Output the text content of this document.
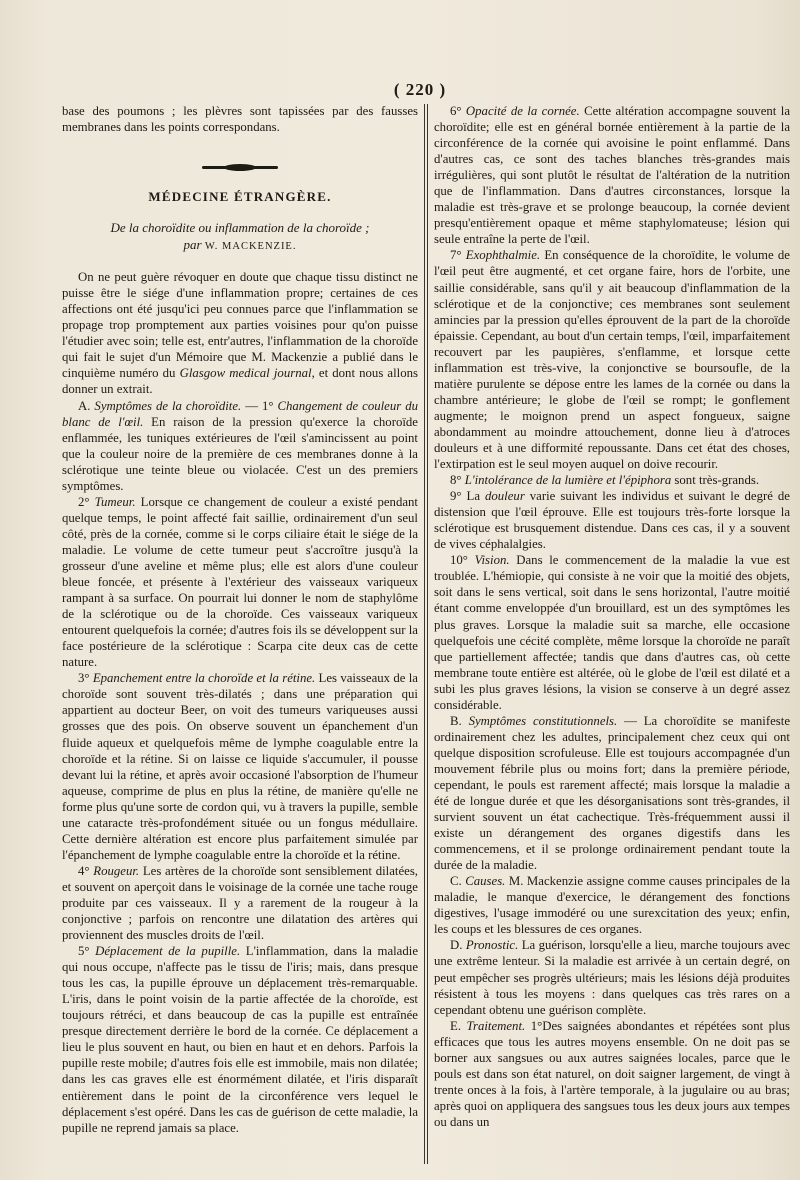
( 220 )

base des poumons ; les plèvres sont tapissées par des fausses membranes dans les points correspondans.

MÉDECINE ÉTRANGÈRE.
De la choroïdite ou inflammation de la choroïde ;
par W. MACKENZIE.

On ne peut guère révoquer en doute que chaque tissu distinct ne puisse être le siége d'une inflammation propre; certaines de ces affections ont été jusqu'ici peu connues parce que l'inflammation se propage trop promptement aux parties voisines pour qu'on puisse l'étudier avec soin; telle est, entr'autres, l'inflammation de la choroïde qui fait le sujet d'un Mémoire que M. Mackenzie a publié dans le cinquième numéro du Glasgow medical journal, et dont nous allons donner un extrait.

A. Symptômes de la choroïdite. — 1° Changement de couleur du blanc de l'œil. En raison de la pression qu'exerce la choroïde enflammée, les tuniques extérieures de l'œil s'amincissent au point que la couleur noire de la première de ces membranes donne à la sclérotique une teinte bleue ou violacée. C'est un des premiers symptômes.

2° Tumeur. Lorsque ce changement de couleur a existé pendant quelque temps, le point affecté fait saillie, ordinairement d'un seul côté, près de la cornée, comme si le corps ciliaire était le siége de la maladie. Le volume de cette tumeur peut s'accroître jusqu'à la grosseur d'une aveline et même plus; elle est alors d'une couleur bleue foncée, et présente à l'extérieur des vaisseaux variqueux rampant à sa surface. On pourrait lui donner le nom de staphylôme de la sclérotique ou de la choroïde. Ces vaisseaux variqueux entourent quelquefois la cornée; d'autres fois ils se développent sur la face postérieure de la sclérotique : Scarpa cite deux cas de cette nature.

3° Epanchement entre la choroïde et la rétine. Les vaisseaux de la choroïde sont souvent très-dilatés ; dans une préparation qui appartient au docteur Beer, on voit des tumeurs variqueuses aussi grosses que des pois. On observe souvent un épanchement d'un fluide aqueux et quelquefois même de lymphe coagulable entre la choroïde et la rétine. Si on laisse ce liquide s'accumuler, il pousse devant lui la rétine, et après avoir occasioné l'absorption de l'humeur aqueuse, comprime de plus en plus la rétine, de manière qu'elle ne forme plus qu'une sorte de cordon qui, vu à travers la pupille, semble une cataracte très-profondément située ou un fongus médullaire. Cette dernière altération est encore plus parfaitement simulée par l'épanchement de lymphe coagulable entre la choroïde et la rétine.

4° Rougeur. Les artères de la choroïde sont sensiblement dilatées, et souvent on aperçoit dans le voisinage de la cornée une tache rouge produite par ces vaisseaux. Il y a rarement de la rougeur à la conjonctive ; parfois on rencontre une dilatation des artères qui proviennent des muscles droits de l'œil.

5° Déplacement de la pupille. L'inflammation, dans la maladie qui nous occupe, n'affecte pas le tissu de l'iris; mais, dans presque tous les cas, la pupille éprouve un déplacement très-remarquable. L'iris, dans le point voisin de la partie affectée de la choroïde, est toujours rétréci, et dans beaucoup de cas la pupille est entraînée presque directement derrière le bord de la cornée. Ce déplacement a lieu le plus souvent en haut, ou bien en haut et en dehors. Parfois la pupille reste mobile; d'autres fois elle est immobile, mais non dilatée; dans les cas graves elle est énormément dilatée, et l'iris disparaît entièrement dans le point de la circonférence vers lequel le déplacement s'est opéré. Dans les cas de guérison de cette maladie, la pupille ne reprend jamais sa place.

6° Opacité de la cornée. Cette altération accompagne souvent la choroïdite; elle est en général bornée entièrement à la partie de la circonférence de la cornée qui avoisine le point enflammé. Dans d'autres cas, ce sont des taches blanches très-grandes mais irrégulières, qui sont plutôt le résultat de l'altération de la nutrition que de l'inflammation. Dans d'autres circonstances, lorsque la maladie est très-grave et se prolonge beaucoup, la cornée devient presqu'entièrement opaque et même staphylomateuse; lésion qui seule entraîne la perte de l'œil.

7° Exophthalmie. En conséquence de la choroïdite, le volume de l'œil peut être augmenté, et cet organe faire, hors de l'orbite, une saillie considérable, sans qu'il y ait beaucoup d'inflammation de la sclérotique et de la conjonctive; ces membranes sont seulement amincies par la pression qu'elles éprouvent de la part de la choroïde épaissie. Cependant, au bout d'un certain temps, l'œil, imparfaitement recouvert par les paupières, s'enflamme, et lorsque cette inflammation est très-vive, la conjonctive se boursoufle, de la matière purulente se dépose entre les lames de la cornée ou dans la chambre antérieure; le globe de l'œil se rompt; le gonflement augmente; le moignon prend un aspect fongueux, saigne abondamment au moindre attouchement, donne lieu à d'atroces douleurs et à une difformité repoussante. Dans cet état des choses, l'extirpation est le seul moyen auquel on doive recourir.

8° L'intolérance de la lumière et l'épiphora sont très-grands.

9° La douleur varie suivant les individus et suivant le degré de distension que l'œil éprouve. Elle est toujours très-forte lorsque la sclérotique est brusquement distendue. Dans ces cas, il y a souvent de vives céphalalgies.

10° Vision. Dans le commencement de la maladie la vue est troublée. L'hémiopie, qui consiste à ne voir que la moitié des objets, soit dans le sens vertical, soit dans le sens horizontal, l'autre moitié étant comme enveloppée d'un brouillard, est un des symptômes les plus graves. Lorsque la maladie suit sa marche, elle occasione quelquefois une cécité complète, même lorsque la choroïde ne paraît que partiellement affectée; tandis que dans d'autres cas, où cette membrane toute entière est altérée, où le globe de l'œil est dilaté et a subi les plus graves lésions, la vision se conserve à un degré assez considérable.

B. Symptômes constitutionnels. — La choroïdite se manifeste ordinairement chez les adultes, principalement chez ceux qui ont quelque disposition scrofuleuse. Elle est toujours accompagnée d'un mouvement fébrile plus ou moins fort; dans la première période, cependant, le pouls est rarement affecté; mais lorsque la maladie a été de longue durée et que les désorganisations sont très-grandes, il survient souvent un état cachectique. Très-fréquemment aussi il existe un dérangement des organes digestifs dans les commencemens, et il se prolonge ordinairement pendant toute la durée de la maladie.

C. Causes. M. Mackenzie assigne comme causes principales de la maladie, le manque d'exercice, le dérangement des fonctions digestives, l'usage immodéré ou une surexcitation des yeux; enfin, les coups et les blessures de ces organes.

D. Pronostic. La guérison, lorsqu'elle a lieu, marche toujours avec une extrême lenteur. Si la maladie est arrivée à un certain degré, on peut empêcher ses progrès ultérieurs; mais les lésions déjà produites résistent à tous les moyens : dans quelques cas très rares on a cependant obtenu une guérison complète.

E. Traitement. 1°Des saignées abondantes et répétées sont plus efficaces que tous les autres moyens ensemble. On ne doit pas se borner aux sangsues ou aux autres saignées locales, parce que le pouls est dans son état naturel, on doit saigner largement, de vingt à trente onces à la fois, à l'artère temporale, à la jugulaire ou au bras; après quoi on appliquera des sangsues tous les deux jours aux tempes ou dans un
